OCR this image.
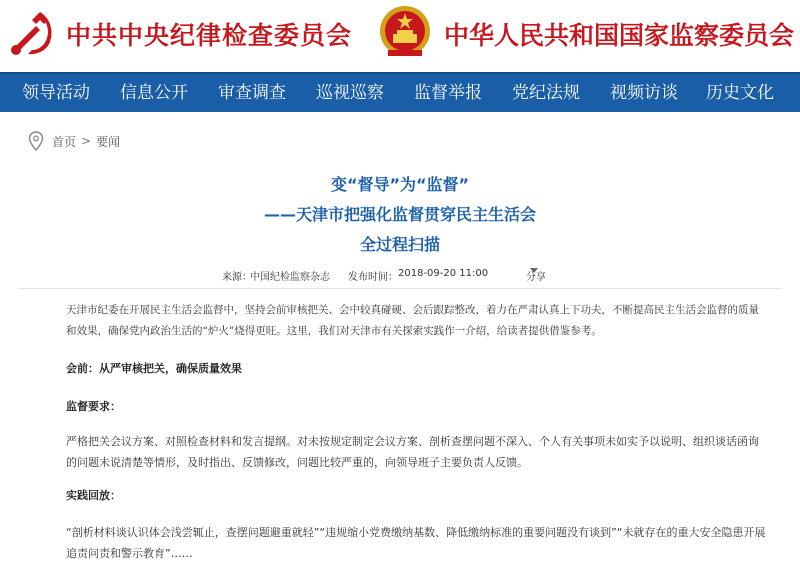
中共中央纪律检查委员会	中华人民共和国国家监察委员会
领导活动 信息公开 审查调查 巡视巡察 监督举报 党纪法规 视频访谈 历史文化
首页 > 要闻
变“督导”为“监督”
——天津市把强化监督贯穿民主生活会
全过程扫描
来源：
中国纪检监察杂志 发布时间： 2018-09-20 11:00	分享
天津市纪委在开展民主生活会监督中，坚持会前审核把关、会中较真碰硬、会后跟踪整改，着力在严肃认真上下功夫，不断提高民主生活会监督的质量和效果，确保党内政治生活的“炉火”烧得更旺。这里，我们对天津市有关探索实践作一介绍，给读者提供借鉴参考。
会前：从严审核把关，确保质量效果
监督要求：
严格把关会议方案、对照检查材料和发言提纲。对未按规定制定会议方案、剖析查摆问题不深入、个人有关事项未如实予以说明、组织谈话函询的问题未说清楚等情形，及时指出、反馈修改，问题比较严重的，向领导班子主要负责人反馈。
实践回放：
“剖析材料谈认识体会浅尝辄止，查摆问题避重就轻”“违规缩小党费缴纳基数、降低缴纳标准的重要问题没有谈到”“未就存在的重大安全隐患开展追责问责和警示教育”……
